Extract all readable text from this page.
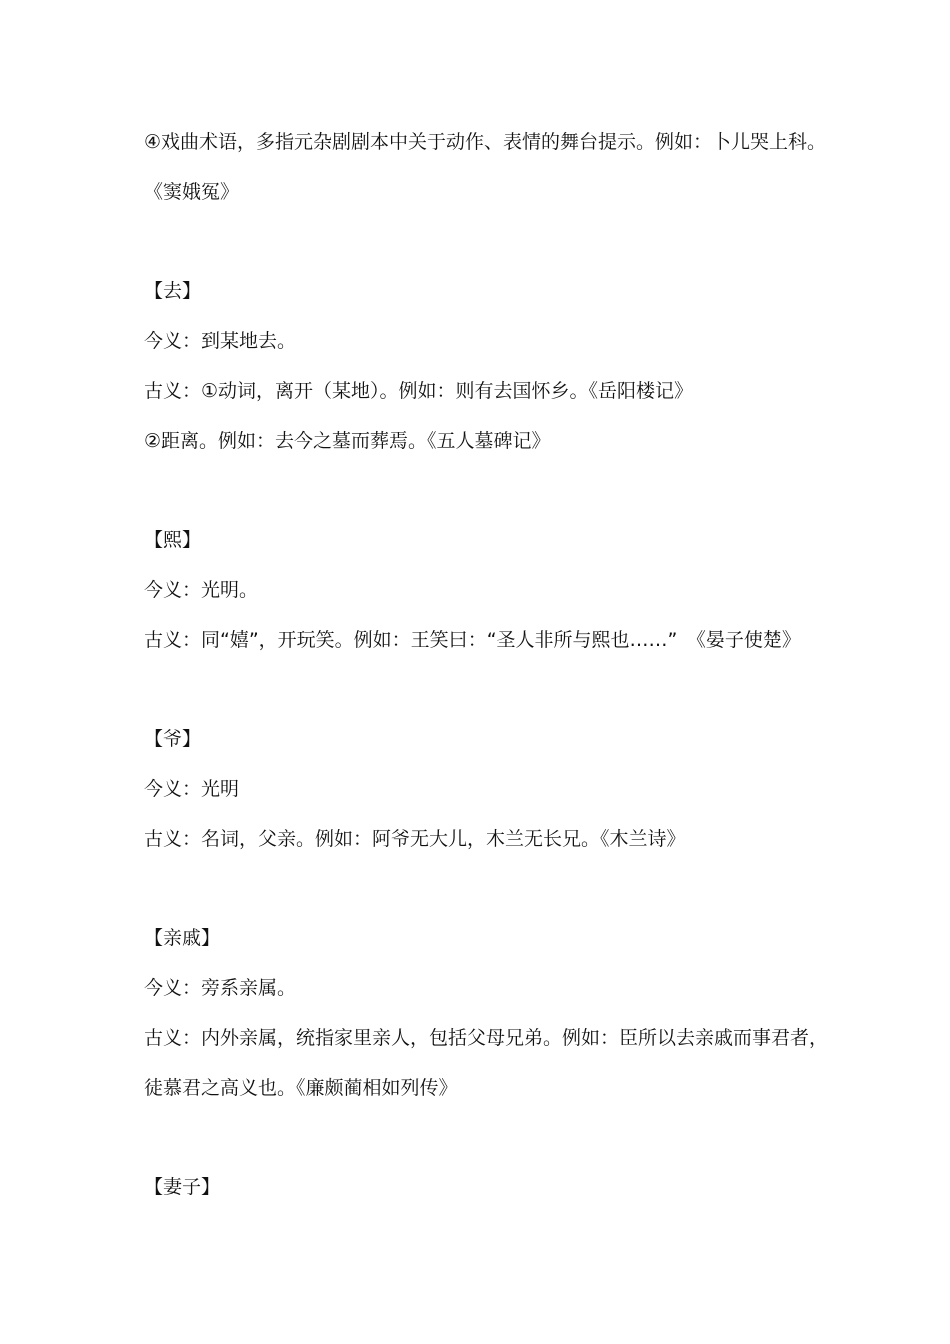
④戏曲术语，多指元杂剧剧本中关于动作、表情的舞台提示。例如：卜儿哭上科。
《窦娥冤》
【去】
今义：到某地去。
古义：①动词，离开（某地）。例如：则有去国怀乡。《岳阳楼记》
②距离。例如：去今之墓而葬焉。《五人墓碑记》
【熙】
今义：光明。
古义：同“嬉”，开玩笑。例如：王笑曰：“圣人非所与熙也……”　《晏子使楚》
【爷】
今义：光明
古义：名词，父亲。例如：阿爷无大儿，木兰无长兄。《木兰诗》
【亲戚】
今义：旁系亲属。
古义：内外亲属，统指家里亲人，包括父母兄弟。例如：臣所以去亲戚而事君者，
徒慕君之高义也。《廉颇蔺相如列传》
【妻子】
